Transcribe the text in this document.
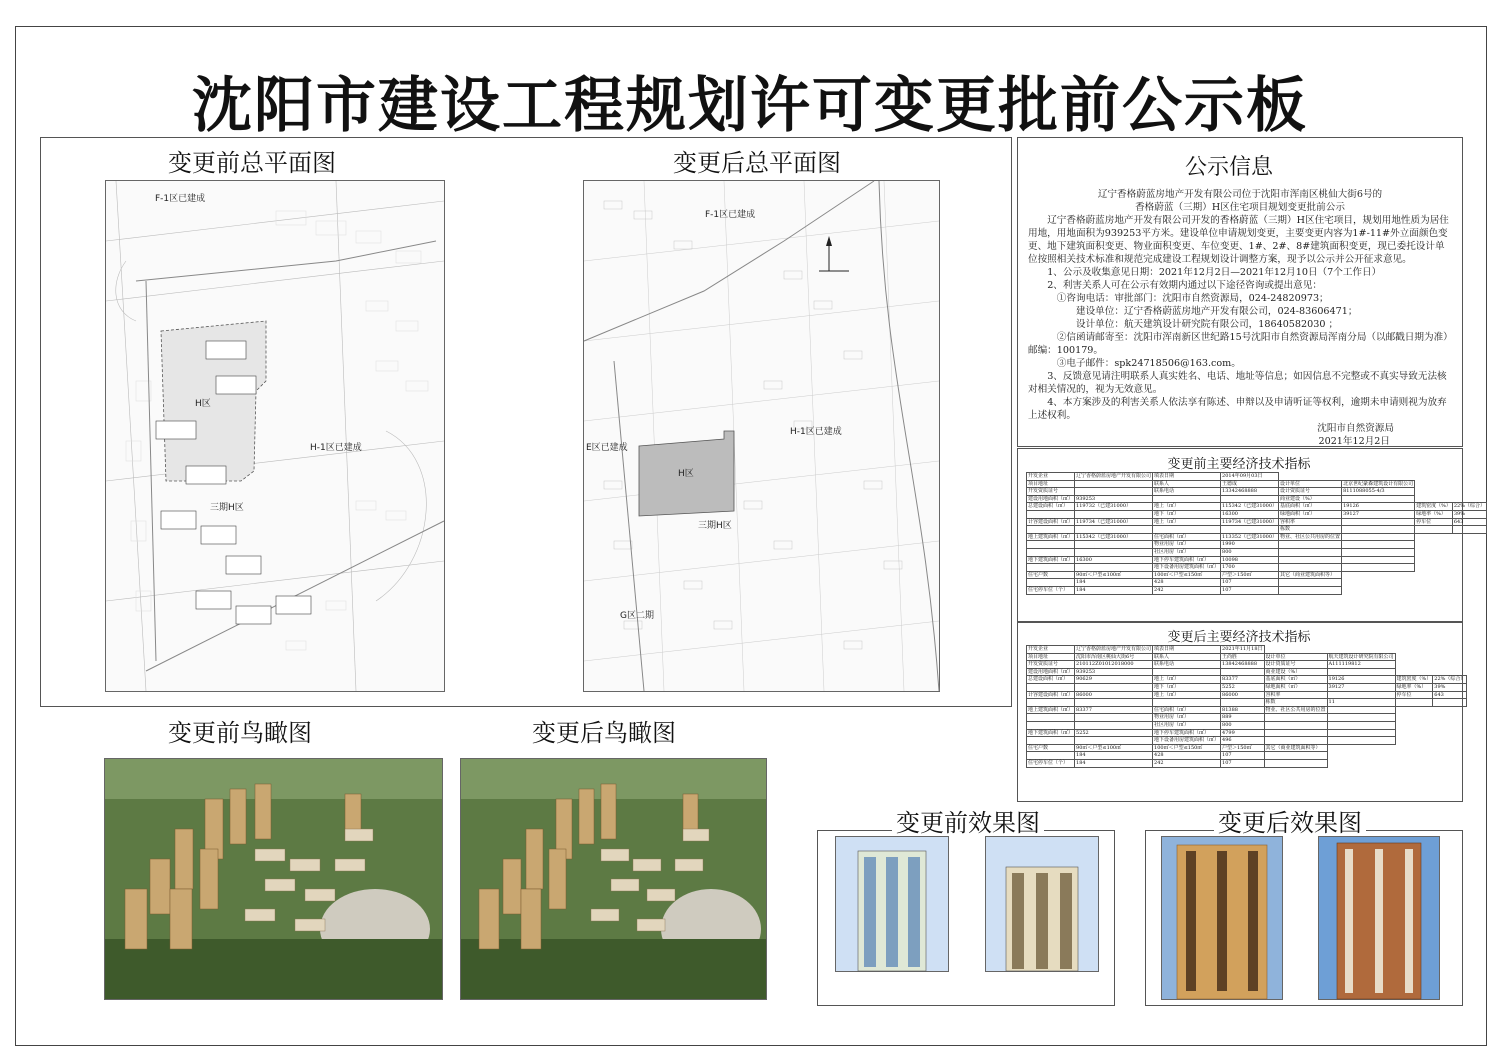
沈阳市建设工程规划许可变更批前公示板
变更前总平面图	变更后总平面图
F-1区已建成
H-1区已建成
三期H区
H区
F-1区已建成
H-1区已建成
三期H区
E区已建成
G区二期
H区
变更前鸟瞰图	变更后鸟瞰图
公示信息

辽宁香格蔚蓝房地产开发有限公司位于沈阳市浑南区桃仙大街6号的

香格蔚蓝（三期）H区住宅项目规划变更批前公示

辽宁香格蔚蓝房地产开发有限公司开发的香格蔚蓝（三期）H区住宅项目，规划用地性质为居住用地，用地面积为939253平方米。建设单位申请规划变更，主要变更内容为1#-11#外立面颜色变更、地下建筑面积变更、物业面积变更、车位变更、1#、2#、8#建筑面积变更，现已委托设计单位按照相关技术标准和规范完成建设工程规划设计调整方案，现予以公示并公开征求意见。

1、公示及收集意见日期：2021年12月2日—2021年12月10日（7个工作日）

2、利害关系人可在公示有效期内通过以下途径咨询或提出意见：

①咨询电话：审批部门：沈阳市自然资源局，024-24820973；

建设单位：辽宁香格蔚蓝房地产开发有限公司，024-83606471；

设计单位：航天建筑设计研究院有限公司，18640582030 ；

②信函请邮寄至：沈阳市浑南新区世纪路15号沈阳市自然资源局浑南分局（以邮戳日期为准）邮编：100179。

③电子邮件：spk24718506@163.com。

3、反馈意见请注明联系人真实姓名、电话、地址等信息；如因信息不完整或不真实导致无法核对相关情况的，视为无效意见。

4、本方案涉及的利害关系人依法享有陈述、申辩以及申请听证等权利，逾期未申请则视为放弃上述权利。

沈阳市自然资源局

2021年12月2日

变更前主要经济技术指标
开发企业	辽宁香格蔚蓝房地产开发有限公司	填表日期	2014年09月03日				
项目地址		联系人	王德成	设计单位	北京世纪豪森建筑设计有限公司		
开发资质证号		联系电话	13342468888	设计资质证号	8111088055-4/3		
建设用地面积（㎡）	939253			商业建设（%）			
总建设面积（㎡）	119732（已建31000）	地上（㎡）	115342（已建31000）	基底面积（㎡）	19126	建筑密度（%）	22%（综合）
		地下（㎡）	16300	绿地面积（㎡）	39127	绿地率（%）	39%
计容建设面积（㎡）	119734（已建31000）	地上（㎡）	119734（已建31000）	容积率		停车位	643
				栋数			
地上建筑面积（㎡）	115342（已建31000）	住宅面积（㎡）	113352（已建31000）	物业、社区公共用房的位置			
		物业用房（㎡）	1990				
		社区用房（㎡）	800				
地下建筑面积（㎡）	16300	地下停车建筑面积（㎡）	10098				
		地下设备用房建筑面积（㎡）	1700				
住宅户数	90㎡＜户型≤100㎡	100㎡＜户型≤150㎡	户型＞150㎡	其它（商业建筑面积等）			
	184	428	107				
住宅停车位（个）	184	242	107				
变更后主要经济技术指标
开发企业	辽宁香格蔚蓝房地产开发有限公司	填表日期	2021年11月18日				
项目地址	沈阳市浑南区桃仙大街6号	联系人	王尚胜	设计单位	航天建筑设计研究院有限公司		
开发资质证号	210112Z01012018000	联系电话	13842468888	设计资质证号	A111119812		
建设用地面积（㎡）	939253			商业建设（%）			
总建设面积（㎡）	90629	地上（㎡）	83377	基底面积（㎡）	19126	建筑密度（%）	22%（综合）
		地下（㎡）	5252	绿地面积（㎡）	39127	绿地率（%）	39%
计容建设面积（㎡）	86000	地上（㎡）	86000	容积率		停车位	643
				栋数	11		
地上建筑面积（㎡）	83377	住宅面积（㎡）	81388	物业、社区公共用房的位置			
		物业用房（㎡）	889				
		社区用房（㎡）	800				
地下建筑面积（㎡）	5252	地下停车建筑面积（㎡）	4799				
		地下设备用房建筑面积（㎡）	496				
住宅户数	90㎡＜户型≤100㎡	100㎡＜户型≤150㎡	户型＞150㎡	其它（商业建筑面积等）			
	184	428	107				
住宅停车位（个）	184	242	107				
变更前效果图	变更后效果图
